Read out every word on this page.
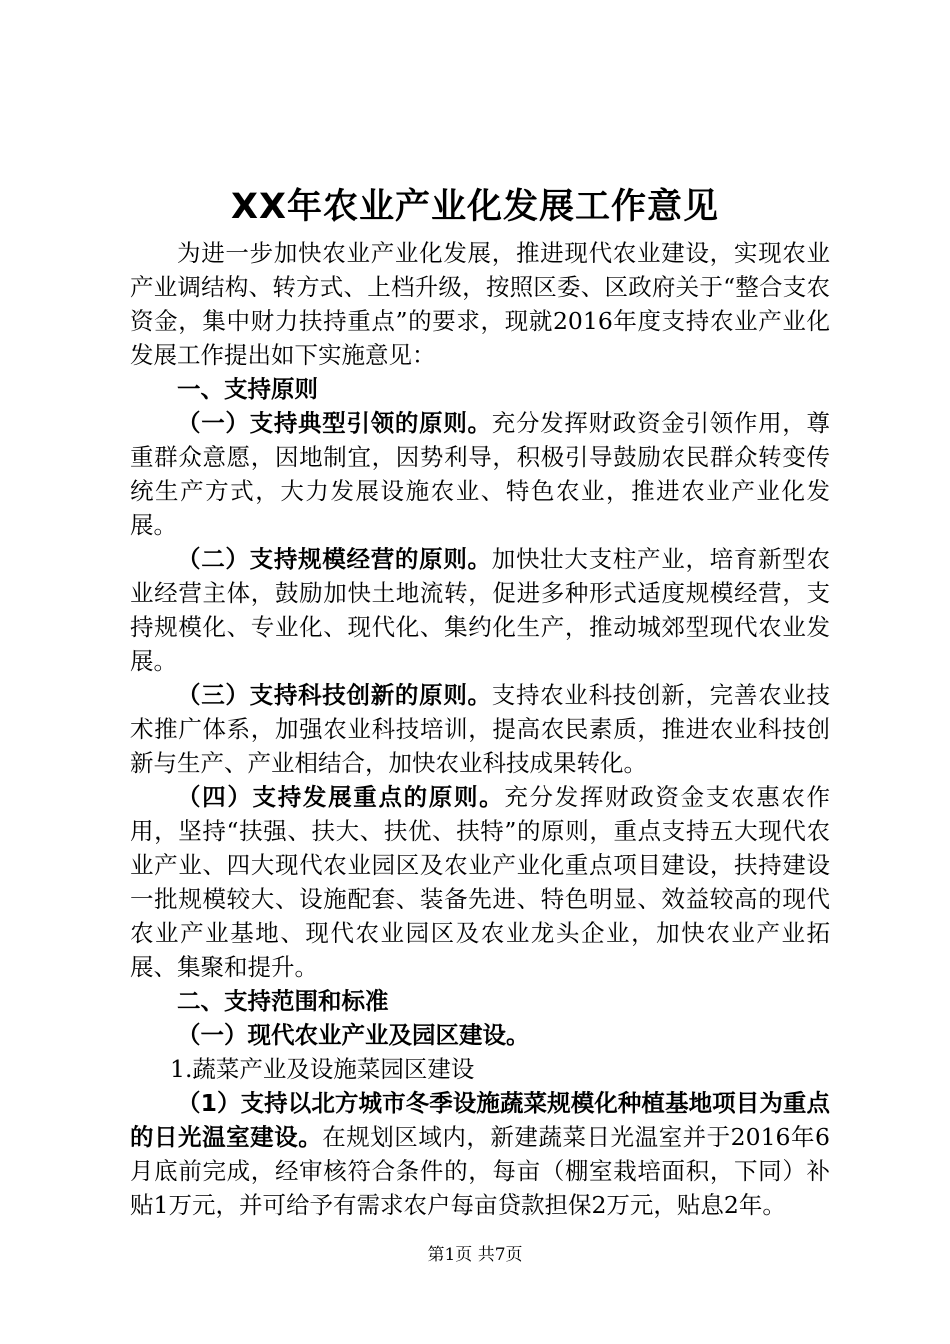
XX年农业产业化发展工作意见

为进一步加快农业产业化发展，推进现代农业建设，实现农业产业调结构、转方式、上档升级，按照区委、区政府关于“整合支农资金，集中财力扶持重点”的要求，现就2016年度支持农业产业化发展工作提出如下实施意见：

一、支持原则

（一）支持典型引领的原则。充分发挥财政资金引领作用，尊重群众意愿，因地制宜，因势利导，积极引导鼓励农民群众转变传统生产方式，大力发展设施农业、特色农业，推进农业产业化发展。

（二）支持规模经营的原则。加快壮大支柱产业，培育新型农业经营主体，鼓励加快土地流转，促进多种形式适度规模经营，支持规模化、专业化、现代化、集约化生产，推动城郊型现代农业发展。

（三）支持科技创新的原则。支持农业科技创新，完善农业技术推广体系，加强农业科技培训，提高农民素质，推进农业科技创新与生产、产业相结合，加快农业科技成果转化。

（四）支持发展重点的原则。充分发挥财政资金支农惠农作用，坚持“扶强、扶大、扶优、扶特”的原则，重点支持五大现代农业产业、四大现代农业园区及农业产业化重点项目建设，扶持建设一批规模较大、设施配套、装备先进、特色明显、效益较高的现代农业产业基地、现代农业园区及农业龙头企业，加快农业产业拓展、集聚和提升。

二、支持范围和标准

（一）现代农业产业及园区建设。

1.蔬菜产业及设施菜园区建设

（1）支持以北方城市冬季设施蔬菜规模化种植基地项目为重点的日光温室建设。在规划区域内，新建蔬菜日光温室并于2016年6月底前完成，经审核符合条件的，每亩（棚室栽培面积，下同）补贴1万元，并可给予有需求农户每亩贷款担保2万元，贴息2年。

第1页 共7页
